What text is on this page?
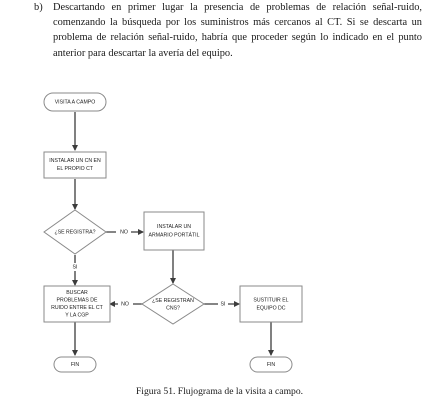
b) Descartando en primer lugar la presencia de problemas de relación señal-ruido, comenzando la búsqueda por los suministros más cercanos al CT. Si se descarta un problema de relación señal-ruido, habría que proceder según lo indicado en el punto anterior para descartar la avería del equipo.
NO
SI
NO	SI
VISITA A CAMPO
INSTALAR UN CN EN
EL PROPIO CT
¿SE REGISTRA?
INSTALAR UN
ARMARIO PORTÁTIL
BUSCAR
PROBLEMAS DE
RUIDO ENTRE EL CT
Y LA CGP
¿SE REGISTRAN
CNS?
SUSTITUIR EL
EQUIPO DC
FIN	FIN
Figura 51. Flujograma de la visita a campo.
